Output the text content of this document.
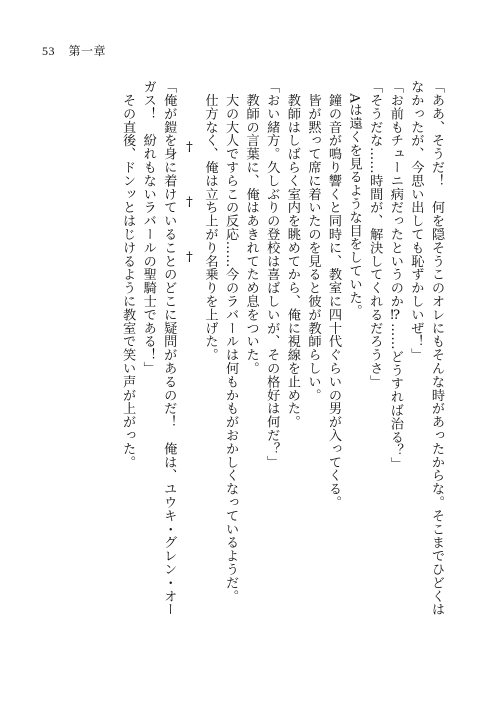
53 第一章

「ああ、そうだ！　何を隠そうこのオレにもそんな時があったからな。そこまでひどくは

なかったが、今思い出しても恥ずかしいぜ！」

「お前もチューニ病だったというのか⁉……どうすれば治る？」

「そうだな……時間が、解決してくれるだろうさ」

　Aは遠くを見るような目をしていた。

　鐘の音が鳴り響くと同時に、教室に四十代ぐらいの男が入ってくる。

　皆が黙って席に着いたのを見ると彼が教師らしい。

　教師はしばらく室内を眺めてから、俺に視線を止めた。

「おい緒方。久しぶりの登校は喜ばしいが、その格好は何だ？」

　教師の言葉に、俺はあきれてため息をついた。

　大の大人ですらこの反応……今のラバールは何もかもがおかしくなっているようだ。

　仕方なく、俺は立ち上がり名乗りを上げた。

†††

「俺が鎧を身に着けていることのどこに疑問があるのだ！　俺は、ユウキ・グレン・オー

ガス！　紛れもないラバールの聖騎士である！」

　その直後、ドンッとはじけるように教室で笑い声が上がった。
